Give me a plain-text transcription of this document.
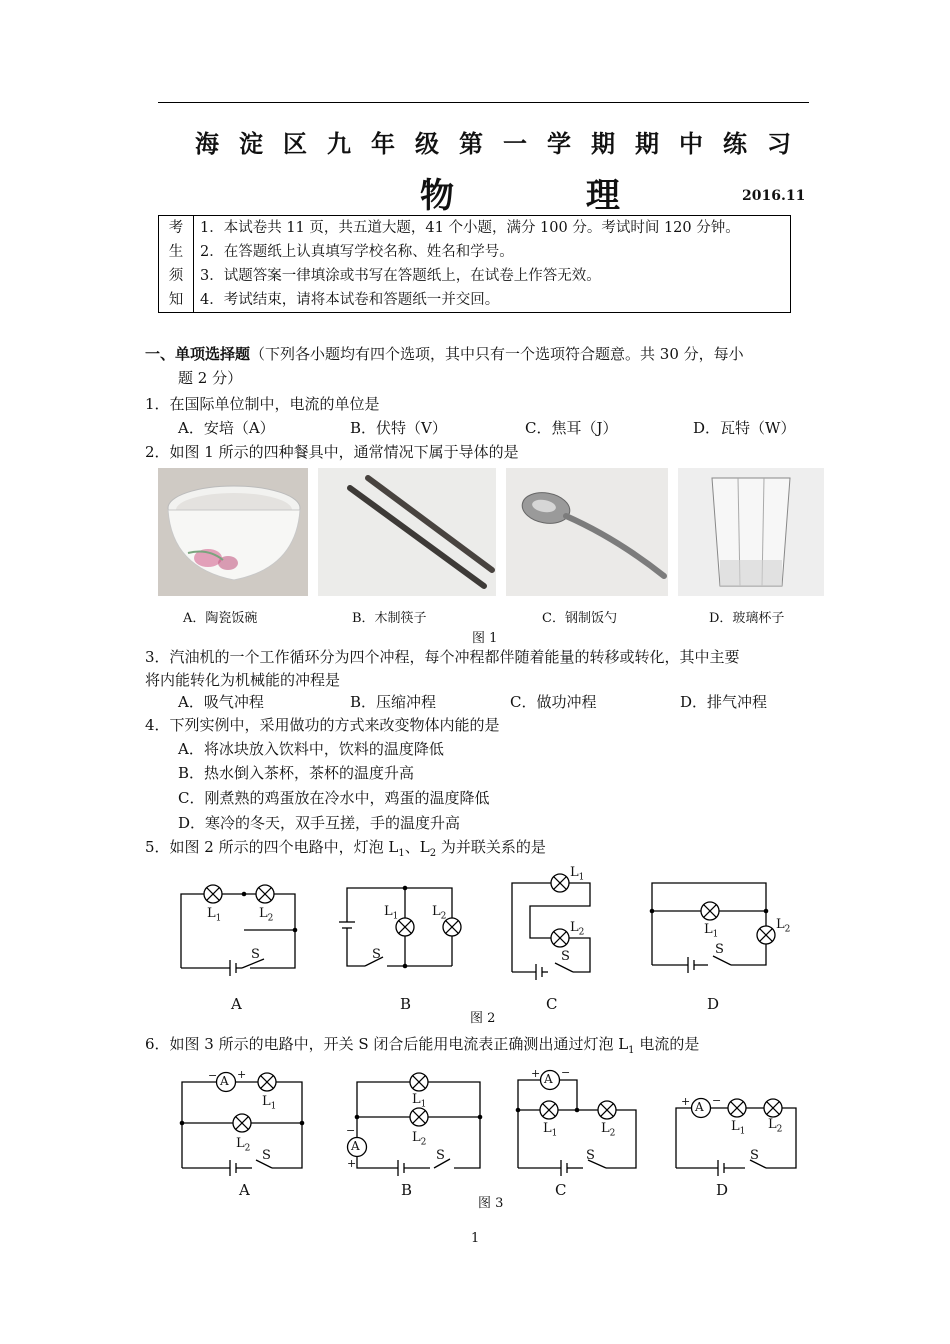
海淀区九年级第一学期期中练习
物 理	2016.11
考	1．本试卷共 11 页，共五道大题，41 个小题，满分 100 分。考试时间 120 分钟。
生	2．在答题纸上认真填写学校名称、姓名和学号。
须	3．试题答案一律填涂或书写在答题纸上，在试卷上作答无效。
知	4．考试结束，请将本试卷和答题纸一并交回。
一、单项选择题（下列各小题均有四个选项，其中只有一个选项符合题意。共 30 分，每小
题 2 分）
1．在国际单位制中，电流的单位是
A．安培（A）	B．伏特（V）	C．焦耳（J）	D．瓦特（W）
2．如图 1 所示的四种餐具中，通常情况下属于导体的是
A．陶瓷饭碗	B．木制筷子	C．钢制饭勺	D．玻璃杯子
图 1
3．汽油机的一个工作循环分为四个冲程，每个冲程都伴随着能量的转移或转化，其中主要
将内能转化为机械能的冲程是
A．吸气冲程	B．压缩冲程	C．做功冲程	D．排气冲程
4．下列实例中，采用做功的方式来改变物体内能的是
A．将冰块放入饮料中，饮料的温度降低
B．热水倒入茶杯，茶杯的温度升高
C．刚煮熟的鸡蛋放在冷水中，鸡蛋的温度降低
D．寒冷的冬天，双手互搓，手的温度升高
5．如图 2 所示的四个电路中，灯泡 $L_1$、$L_2$ 为并联关系的是
$L_1$	$L_2$
S
$L_1$	$L_2$
S
$L_1$
$L_2$
S
$L_1$
$L_2$
S
A	B	C	D
图 2
6．如图 3 所示的电路中，开关 S 闭合后能用电流表正确测出通过灯泡 $L_1$ 电流的是
A
− +
$L_1$
$L_2$ S
A
−
+
$L_1$
$L_2$
S
A
+ −
$L_1$	$L_2$
S
A
+ −
$L_1$ $L_2$
S
A	B	C	D
图 3
1
